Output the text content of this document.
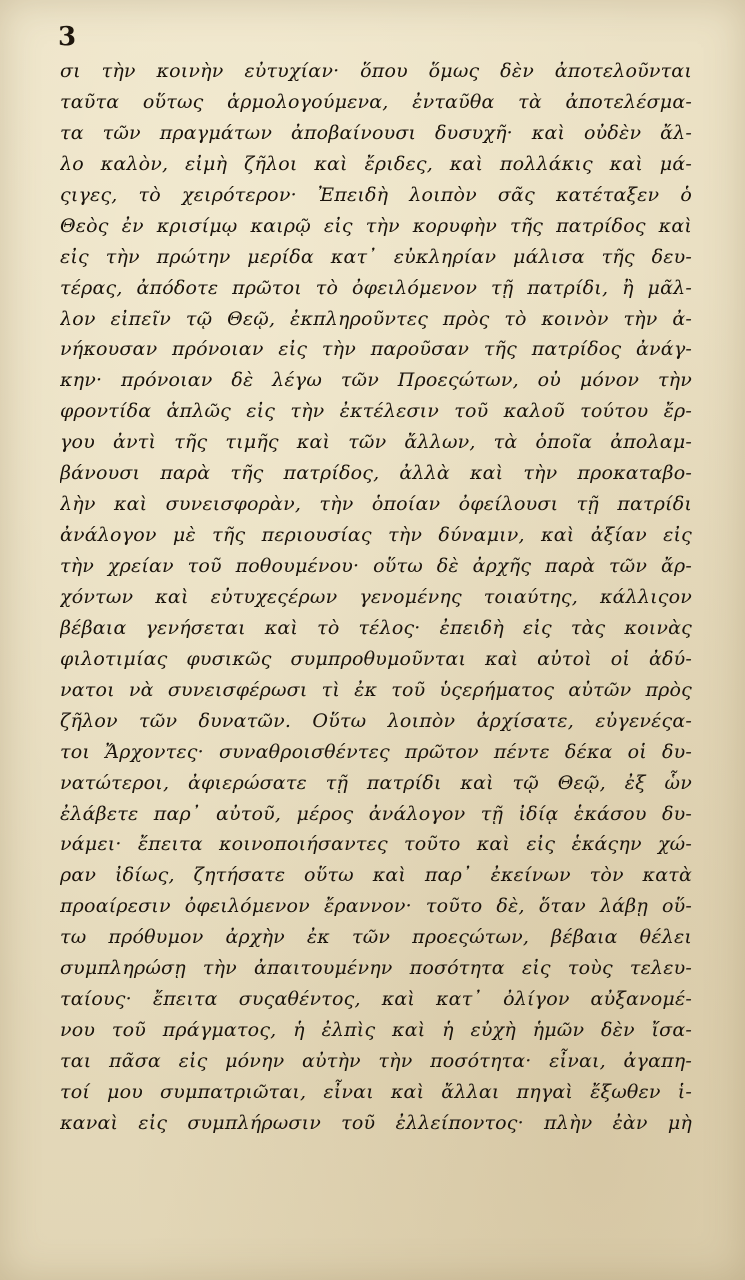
3

σι τὴν κοινὴν εὐτυχίαν· ὅπου ὅμως δὲν ἀποτελοῦνται
ταῦτα οὕτως ἁρμολογούμενα, ἐνταῦθα τὰ ἀποτελέσμα-
τα τῶν πραγμάτων ἀποβαίνουσι δυσυχῆ· καὶ οὐδὲν ἄλ-
λο καλὸν, εἰμὴ ζῆλοι καὶ ἔριδες, καὶ πολλάκις καὶ μά-
ςιγες, τὸ χειρότερον· Ἐπειδὴ λοιπὸν σᾶς κατέταξεν ὁ
Θεὸς ἐν κρισίμῳ καιρῷ εἰς τὴν κορυφὴν τῆς πατρίδος καὶ
εἰς τὴν πρώτην μερίδα κατ᾽ εὐκληρίαν μάλισα τῆς δευ-
τέρας, ἀπόδοτε πρῶτοι τὸ ὀφειλόμενον τῇ πατρίδι, ἢ μᾶλ-
λον εἰπεῖν τῷ Θεῷ, ἐκπληροῦντες πρὸς τὸ κοινὸν τὴν ἀ-
νήκουσαν πρόνοιαν εἰς τὴν παροῦσαν τῆς πατρίδος ἀνάγ-
κην· πρόνοιαν δὲ λέγω τῶν Προεςώτων, οὐ μόνον τὴν
φροντίδα ἁπλῶς εἰς τὴν ἐκτέλεσιν τοῦ καλοῦ τούτου ἔρ-
γου ἀντὶ τῆς τιμῆς καὶ τῶν ἄλλων, τὰ ὁποῖα ἀπολαμ-
βάνουσι παρὰ τῆς πατρίδος, ἀλλὰ καὶ τὴν προκαταβο-
λὴν καὶ συνεισφορὰν, τὴν ὁποίαν ὀφείλουσι τῇ πατρίδι
ἀνάλογον μὲ τῆς περιουσίας τὴν δύναμιν, καὶ ἀξίαν εἰς
τὴν χρείαν τοῦ ποθουμένου· οὕτω δὲ ἀρχῆς παρὰ τῶν ἄρ-
χόντων καὶ εὐτυχεςέρων γενομένης τοιαύτης, κάλλιςον
βέβαια γενήσεται καὶ τὸ τέλος· ἐπειδὴ εἰς τὰς κοινὰς
φιλοτιμίας φυσικῶς συμπροθυμοῦνται καὶ αὐτοὶ οἱ ἀδύ-
νατοι νὰ συνεισφέρωσι τὶ ἐκ τοῦ ὑςερήματος αὐτῶν πρὸς
ζῆλον τῶν δυνατῶν. Οὕτω λοιπὸν ἀρχίσατε, εὐγενέςα-
τοι Ἄρχοντες· συναθροισθέντες πρῶτον πέντε δέκα οἱ δυ-
νατώτεροι, ἀφιερώσατε τῇ πατρίδι καὶ τῷ Θεῷ, ἐξ ὧν
ἐλάβετε παρ᾽ αὐτοῦ, μέρος ἀνάλογον τῇ ἰδίᾳ ἑκάσου δυ-
νάμει· ἔπειτα κοινοποιήσαντες τοῦτο καὶ εἰς ἑκάςην χώ-
ραν ἰδίως, ζητήσατε οὕτω καὶ παρ᾽ ἐκείνων τὸν κατὰ
προαίρεσιν ὀφειλόμενον ἔραννον· τοῦτο δὲ, ὅταν λάβῃ οὕ-
τω πρόθυμον ἀρχὴν ἐκ τῶν προεςώτων, βέβαια θέλει
συμπληρώσῃ τὴν ἀπαιτουμένην ποσότητα εἰς τοὺς τελευ-
ταίους· ἔπειτα συςαθέντος, καὶ κατ᾽ ὀλίγον αὐξανομέ-
νου τοῦ πράγματος, ἡ ἐλπὶς καὶ ἡ εὐχὴ ἡμῶν δὲν ἴσα-
ται πᾶσα εἰς μόνην αὐτὴν τὴν ποσότητα· εἶναι, ἀγαπη-
τοί μου συμπατριῶται, εἶναι καὶ ἄλλαι πηγαὶ ἔξωθεν ἱ-
καναὶ εἰς συμπλήρωσιν τοῦ ἐλλείποντος· πλὴν ἐὰν μὴ
